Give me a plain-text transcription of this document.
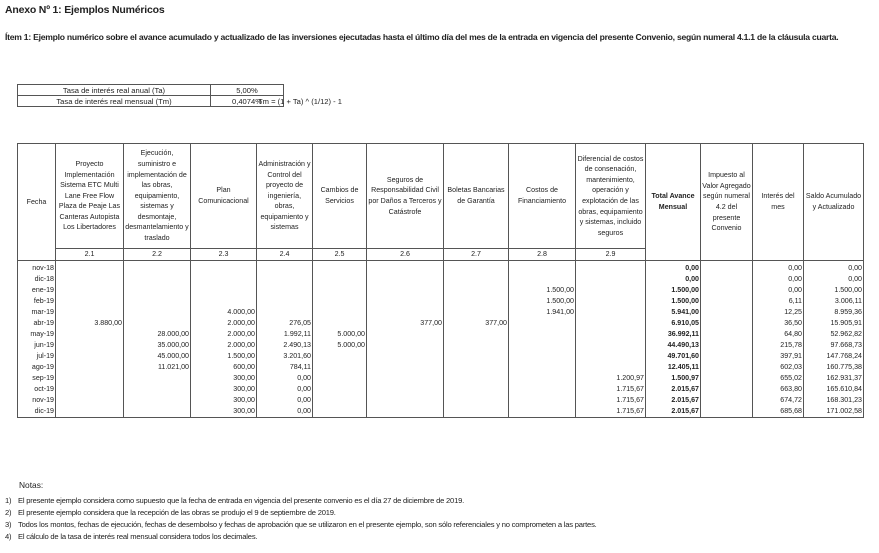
Anexo Nº 1: Ejemplos Numéricos
Ítem 1: Ejemplo numérico sobre el avance acumulado y actualizado de las inversiones ejecutadas hasta el último día del mes de la entrada en vigencia del presente Convenio, según numeral 4.1.1 de la cláusula cuarta.
Tasa de interés real anual (Ta)	5,00%
Tasa de interés real mensual (Tm)	0,4074%
Tm = (1 + Ta) ^ (1/12) - 1
Fecha	Proyecto Implementación Sistema ETC Multi Lane Free Flow Plaza de Peaje Las Canteras Autopista Los Libertadores	Ejecución, suministro e implementación de las obras, equipamiento, sistemas y desmontaje, desmantelamiento y traslado	Plan Comunicacional	Administración y Control del proyecto de ingeniería, obras, equipamiento y sistemas	Cambios de Servicios	Seguros de Responsabilidad Civil por Daños a Terceros y Catástrofe	Boletas Bancarias de Garantía	Costos de Financiamiento	Diferencial de costos de consenación, mantenimiento, operación y explotación de las obras, equipamiento y sistemas, incluido seguros	Total Avance Mensual	Impuesto al Valor Agregado según numeral 4.2 del presente Convenio	Interés del mes	Saldo Acumulado y Actualizado
	2.1	2.2	2.3	2.4	2.5	2.6	2.7	2.8	2.9				
nov-18										0,00		0,00	0,00
dic-18										0,00		0,00	0,00
ene-19								1.500,00		1.500,00		0,00	1.500,00
feb-19								1.500,00		1.500,00		6,11	3.006,11
mar-19			4.000,00					1.941,00		5.941,00		12,25	8.959,36
abr-19	3.880,00		2.000,00	276,05		377,00	377,00			6.910,05		36,50	15.905,91
may-19		28.000,00	2.000,00	1.992,11	5.000,00					36.992,11		64,80	52.962,82
jun-19		35.000,00	2.000,00	2.490,13	5.000,00					44.490,13		215,78	97.668,73
jul-19		45.000,00	1.500,00	3.201,60						49.701,60		397,91	147.768,24
ago-19		11.021,00	600,00	784,11						12.405,11		602,03	160.775,38
sep-19			300,00	0,00					1.200,97	1.500,97		655,02	162.931,37
oct-19			300,00	0,00					1.715,67	2.015,67		663,80	165.610,84
nov-19			300,00	0,00					1.715,67	2.015,67		674,72	168.301,23
dic-19			300,00	0,00					1.715,67	2.015,67		685,68	171.002,58
Notas:
1) El presente ejemplo considera como supuesto que la fecha de entrada en vigencia del presente convenio es el día 27 de diciembre de 2019.
2) El presente ejemplo considera que la recepción de las obras se produjo el 9 de septiembre de 2019.
3) Todos los montos, fechas de ejecución, fechas de desembolso y fechas de aprobación que se utilizaron en el presente ejemplo, son sólo referenciales y no comprometen a las partes.
4) El cálculo de la tasa de interés real mensual considera todos los decimales.
